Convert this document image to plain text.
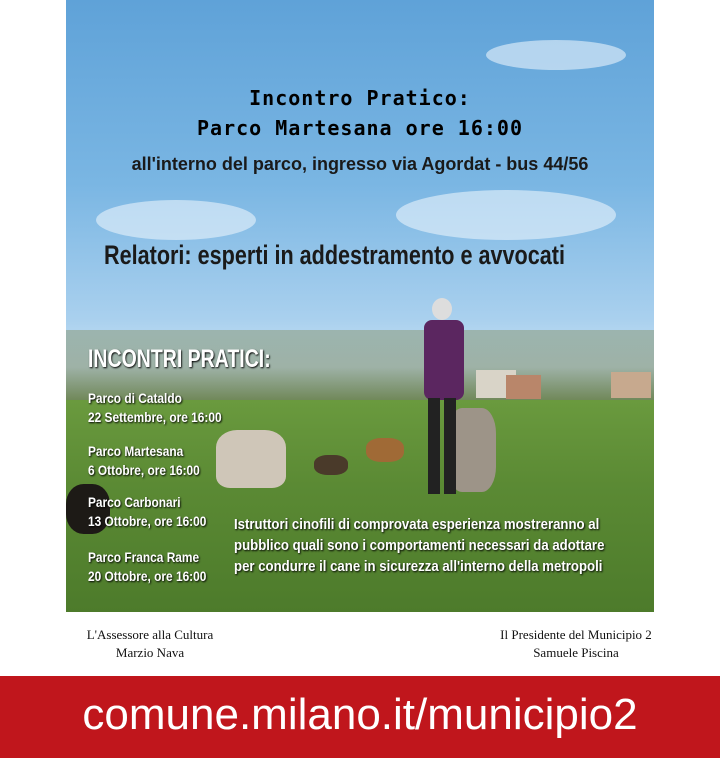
Incontro Pratico:
Parco Martesana ore 16:00
all'interno del parco, ingresso via Agordat - bus 44/56
Relatori: esperti in addestramento e avvocati
INCONTRI PRATICI:
Parco di Cataldo
22 Settembre, ore 16:00
Parco Martesana
6 Ottobre, ore 16:00
Parco Carbonari
13 Ottobre, ore 16:00
Parco Franca Rame
20 Ottobre, ore 16:00
Istruttori cinofili di comprovata esperienza mostreranno al
pubblico quali sono i comportamenti necessari da adottare
per condurre il cane in sicurezza all'interno della metropoli
L'Assessore alla Cultura
Marzio Nava
Il Presidente del Municipio 2
Samuele Piscina
comune.milano.it/municipio2
